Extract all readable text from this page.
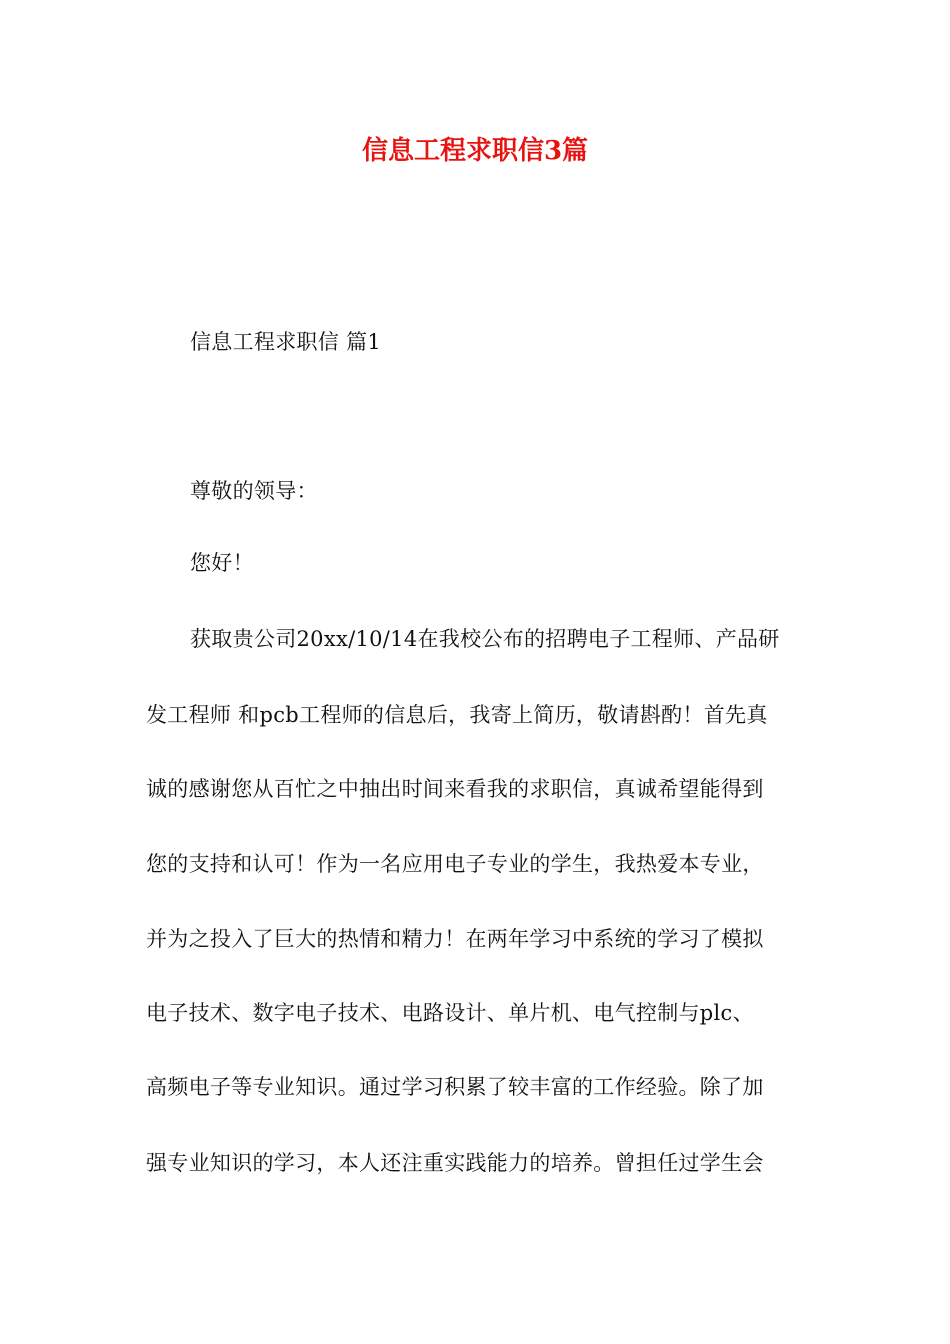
信息工程求职信3篇
信息工程求职信 篇1
尊敬的领导：
您好！
获取贵公司20xx/10/14在我校公布的招聘电子工程师、产品研
发工程师 和pcb工程师的信息后，我寄上简历，敬请斟酌！首先真
诚的感谢您从百忙之中抽出时间来看我的求职信，真诚希望能得到
您的支持和认可！作为一名应用电子专业的学生，我热爱本专业，
并为之投入了巨大的热情和精力！在两年学习中系统的学习了模拟
电子技术、数字电子技术、电路设计、单片机、电气控制与plc、
高频电子等专业知识。通过学习积累了较丰富的工作经验。除了加
强专业知识的学习，本人还注重实践能力的培养。曾担任过学生会
